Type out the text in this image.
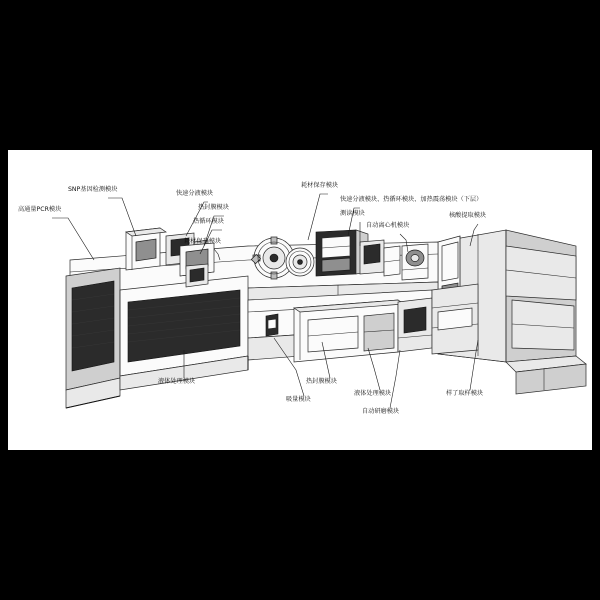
SNP基因检测模块
快速分液模块
耗材保存模块
快速分液模块、热循环模块、加热震荡模块（下层）
热封膜模块
热循环模块
测读模块
高通量PCR模块
耗材保存模块
自动离心机模块
核酸提取模块
液体处理模块
吸量模块
热封膜模块
液体处理模块
自动研磨模块
样了取样模块
